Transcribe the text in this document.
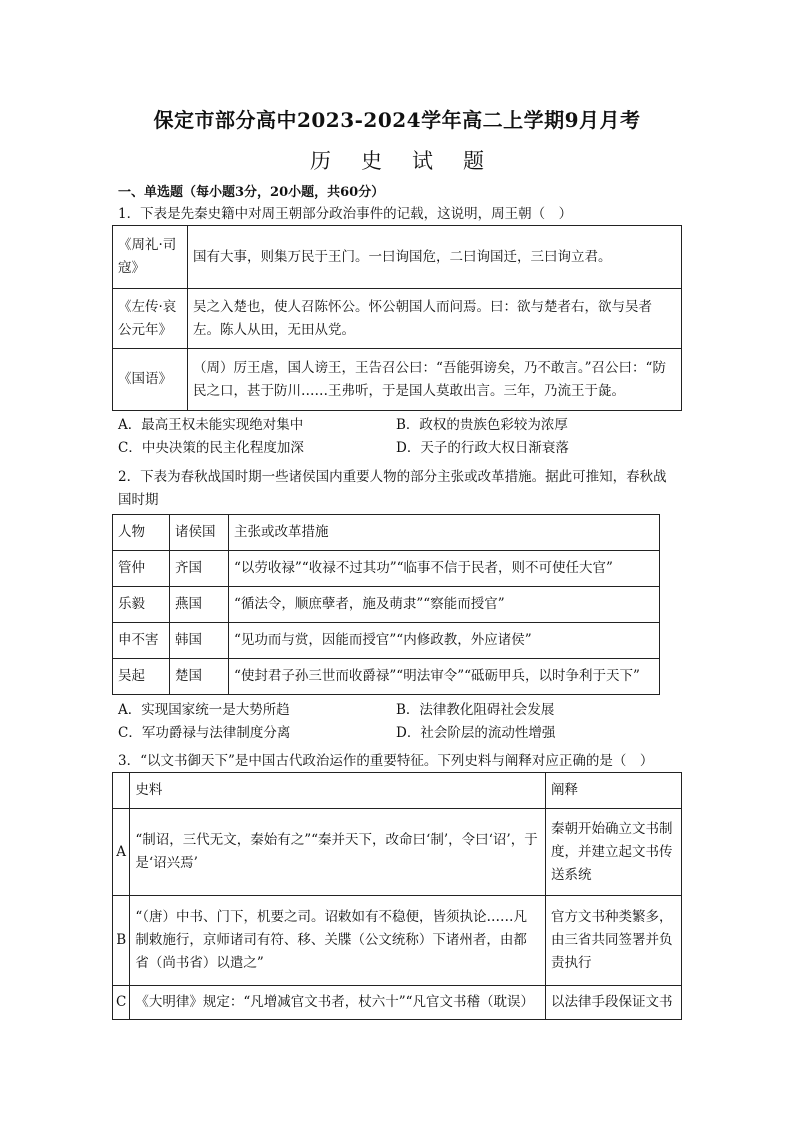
保定市部分高中2023-2024学年高二上学期9月月考
历史试题
一、单选题（每小题3分，20小题，共60分）
1．下表是先秦史籍中对周王朝部分政治事件的记载，这说明，周王朝（　）
《周礼·司寇》	国有大事，则集万民于王门。一曰询国危，二曰询国迁，三曰询立君。
《左传·哀公元年》	吴之入楚也，使人召陈怀公。怀公朝国人而问焉。曰：欲与楚者右，欲与吴者左。陈人从田，无田从党。
《国语》	（周）厉王虐，国人谤王，王告召公曰：“吾能弭谤矣，乃不敢言。”召公曰：“防民之口，甚于防川……王弗听，于是国人莫敢出言。三年，乃流王于彘。
A．最高王权未能实现绝对集中	B．政权的贵族色彩较为浓厚
C．中央决策的民主化程度加深	D．天子的行政大权日渐衰落
2．下表为春秋战国时期一些诸侯国内重要人物的部分主张或改革措施。据此可推知，春秋战国时期
人物	诸侯国	主张或改革措施
管仲	齐国	“以劳收禄”“收禄不过其功”“临事不信于民者，则不可使任大官”
乐毅	燕国	“循法令，顺庶孽者，施及萌隶”“察能而授官”
申不害	韩国	“见功而与赏，因能而授官”“内修政教，外应诸侯”
吴起	楚国	“使封君子孙三世而收爵禄”“明法审令”“砥砺甲兵，以时争利于天下”
A．实现国家统一是大势所趋	B．法律教化阻碍社会发展
C．军功爵禄与法律制度分离	D．社会阶层的流动性增强
3．“以文书御天下”是中国古代政治运作的重要特征。下列史料与阐释对应正确的是（　）
	史料	阐释
A	“制诏，三代无文，秦始有之”“秦并天下，改命曰‘制’，令曰‘诏’，于是‘诏兴焉’	秦朝开始确立文书制度，并建立起文书传送系统
B	“（唐）中书、门下，机要之司。诏敕如有不稳便，皆须执论……凡制敕施行，京师诸司有符、移、关牒（公文统称）下诸州者，由都省（尚书省）以遣之”	官方文书种类繁多，由三省共同签署并负责执行
C	《大明律》规定：“凡增减官文书者，杖六十”“凡官文书稽（耽误）	以法律手段保证文书
